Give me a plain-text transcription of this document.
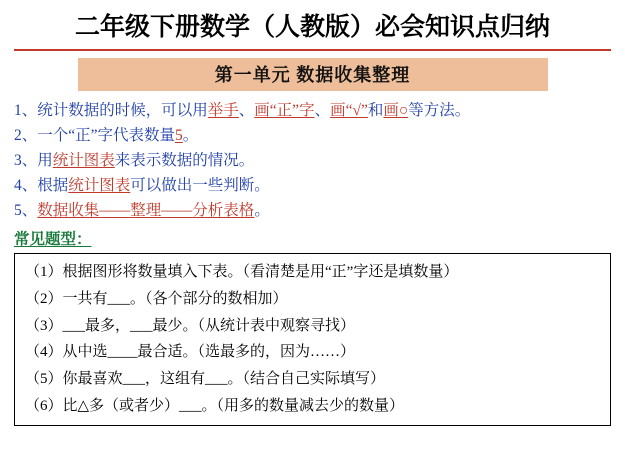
二年级下册数学（人教版）必会知识点归纳
第一单元 数据收集整理
1、统计数据的时候，可以用举手、画“正”字、画“√”和画○等方法。
2、一个“正”字代表数量5。
3、用统计图表来表示数据的情况。
4、根据统计图表可以做出一些判断。
5、数据收集——整理——分析表格。
常见题型：
（1）根据图形将数量填入下表。（看清楚是用“正”字还是填数量）
（2）一共有___。（各个部分的数相加）
（3）___最多，___最少。（从统计表中观察寻找）
（4）从中选____最合适。（选最多的，因为……）
（5）你最喜欢___，这组有___。（结合自己实际填写）
（6）比△多（或者少）___。（用多的数量减去少的数量）
